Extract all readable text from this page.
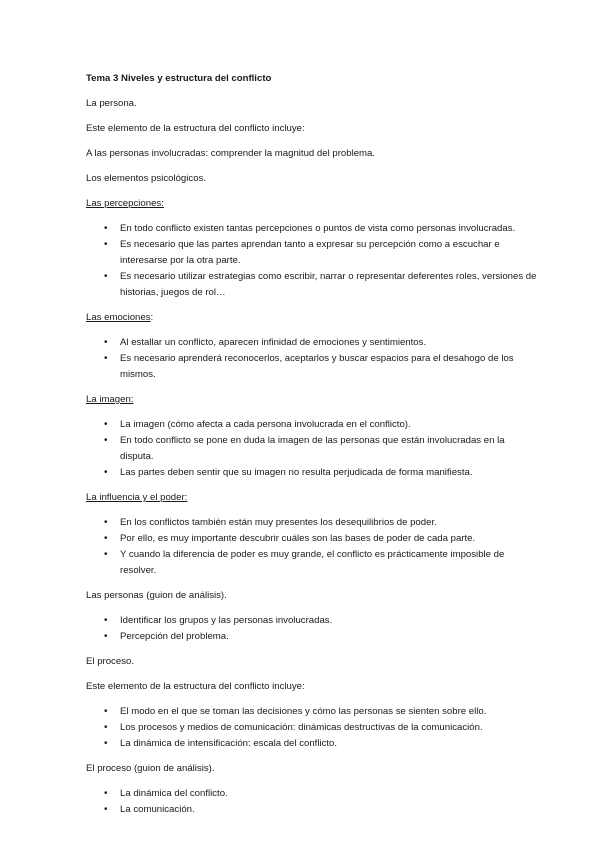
Tema 3 Niveles y estructura del conflicto

La persona.

Este elemento de la estructura del conflicto incluye:

A las personas involucradas: comprender la magnitud del problema.

Los elementos psicológicos.

Las percepciones:
• En todo conflicto existen tantas percepciones o puntos de vista como personas involucradas.
• Es necesario que las partes aprendan tanto a expresar su percepción como a escuchar e interesarse por la otra parte.
• Es necesario utilizar estrategias como escribir, narrar o representar deferentes roles, versiones de historias, juegos de rol…
Las emociones:
• Al estallar un conflicto, aparecen infinidad de emociones y sentimientos.
• Es necesario aprenderá reconocerlos, aceptarlos y buscar espacios para el desahogo de los mismos.
La imagen:
• La imagen (cómo afecta a cada persona involucrada en el conflicto).
• En todo conflicto se pone en duda la imagen de las personas que están involucradas en la disputa.
• Las partes deben sentir que su imagen no resulta perjudicada de forma manifiesta.
La influencia y el poder:
• En los conflictos también están muy presentes los desequilibrios de poder.
• Por ello, es muy importante descubrir cuáles son las bases de poder de cada parte.
• Y cuando la diferencia de poder es muy grande, el conflicto es prácticamente imposible de resolver.

Las personas (guion de análisis).

• Identificar los grupos y las personas involucradas.
• Percepción del problema.

El proceso.

Este elemento de la estructura del conflicto incluye:

• El modo en el que se toman las decisiones y cómo las personas se sienten sobre ello.
• Los procesos y medios de comunicación: dinámicas destructivas de la comunicación.
• La dinámica de intensificación: escala del conflicto.

El proceso (guion de análisis).

• La dinámica del conflicto.
• La comunicación.
